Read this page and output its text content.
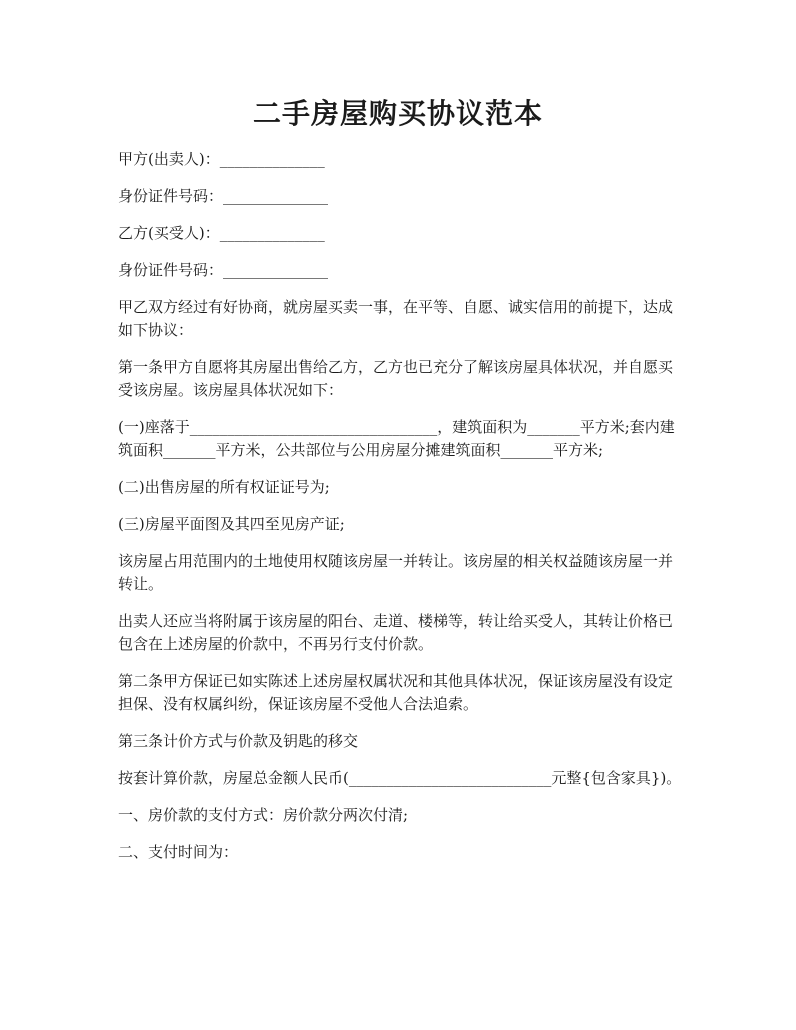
二手房屋购买协议范本

甲方(出卖人)：______________

身份证件号码：______________

乙方(买受人)：______________

身份证件号码：______________

甲乙双方经过有好协商，就房屋买卖一事，在平等、自愿、诚实信用的前提下，达成如下协议：

第一条甲方自愿将其房屋出售给乙方，乙方也已充分了解该房屋具体状况，并自愿买受该房屋。该房屋具体状况如下：

(一)座落于_________________________________，建筑面积为_______平方米;套内建筑面积_______平方米，公共部位与公用房屋分摊建筑面积_______平方米;

(二)出售房屋的所有权证证号为;

(三)房屋平面图及其四至见房产证;

该房屋占用范围内的土地使用权随该房屋一并转让。该房屋的相关权益随该房屋一并转让。

出卖人还应当将附属于该房屋的阳台、走道、楼梯等，转让给买受人，其转让价格已包含在上述房屋的价款中，不再另行支付价款。

第二条甲方保证已如实陈述上述房屋权属状况和其他具体状况，保证该房屋没有设定担保、没有权属纠纷，保证该房屋不受他人合法追索。

第三条计价方式与价款及钥匙的移交

按套计算价款，房屋总金额人民币(___________________________元整{包含家具})。

一、房价款的支付方式：房价款分两次付清;

二、支付时间为：
